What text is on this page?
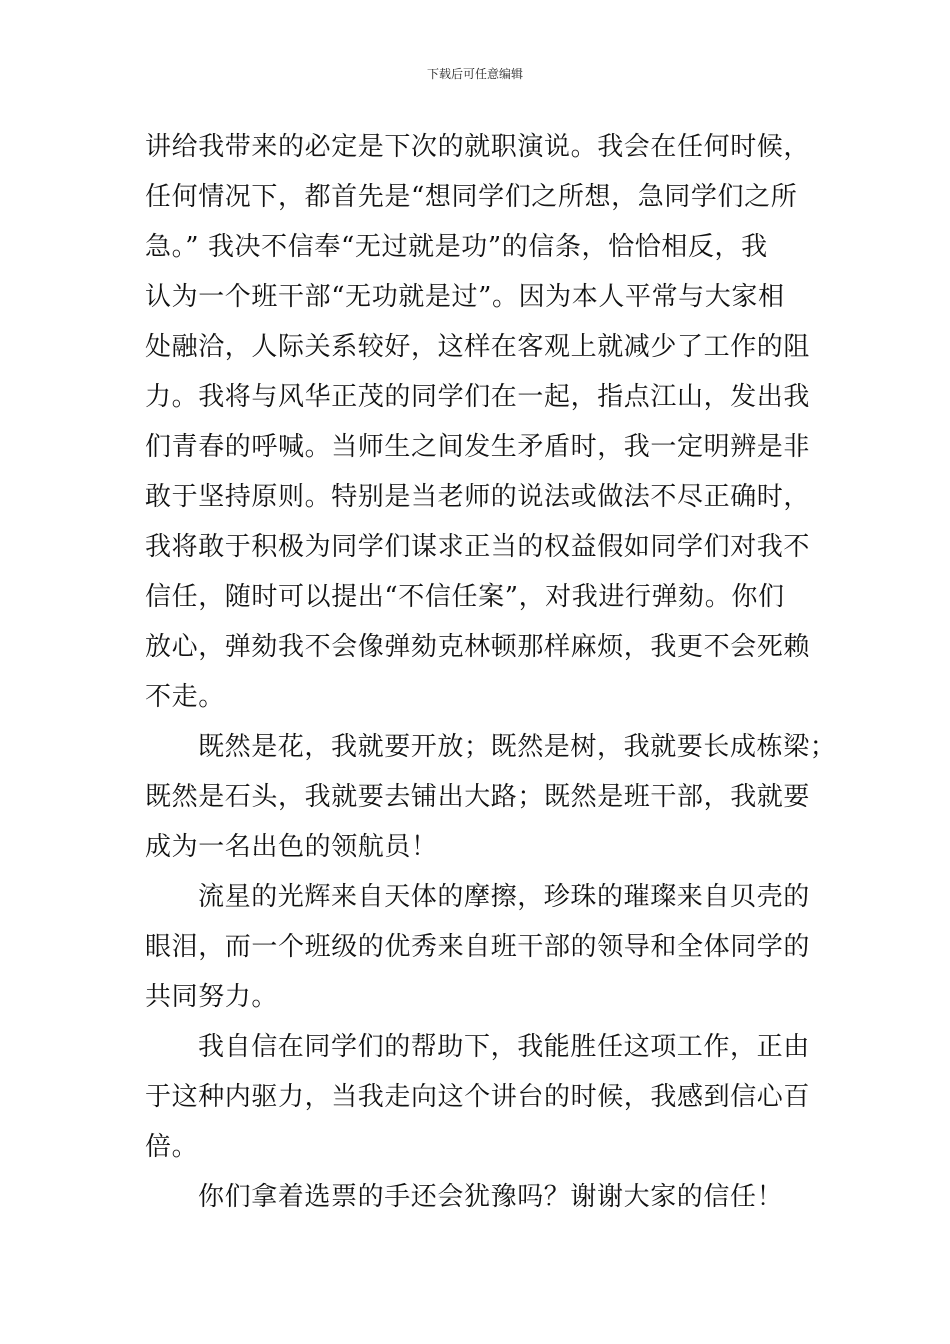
下载后可任意编辑
讲给我带来的必定是下次的就职演说。我会在任何时候，
任何情况下，都首先是“想同学们之所想，急同学们之所
急。” 我决不信奉“无过就是功”的信条，恰恰相反，我
认为一个班干部“无功就是过”。因为本人平常与大家相
处融洽，人际关系较好，这样在客观上就减少了工作的阻
力。我将与风华正茂的同学们在一起，指点江山，发出我
们青春的呼喊。当师生之间发生矛盾时，我一定明辨是非
敢于坚持原则。特别是当老师的说法或做法不尽正确时，
我将敢于积极为同学们谋求正当的权益假如同学们对我不
信任，随时可以提出“不信任案”，对我进行弹劾。你们
放心，弹劾我不会像弹劾克林顿那样麻烦，我更不会死赖
不走。
既然是花，我就要开放；既然是树，我就要长成栋梁；
既然是石头，我就要去铺出大路；既然是班干部，我就要
成为一名出色的领航员！
流星的光辉来自天体的摩擦，珍珠的璀璨来自贝壳的
眼泪，而一个班级的优秀来自班干部的领导和全体同学的
共同努力。
我自信在同学们的帮助下，我能胜任这项工作，正由
于这种内驱力，当我走向这个讲台的时候，我感到信心百
倍。
你们拿着选票的手还会犹豫吗？谢谢大家的信任！
